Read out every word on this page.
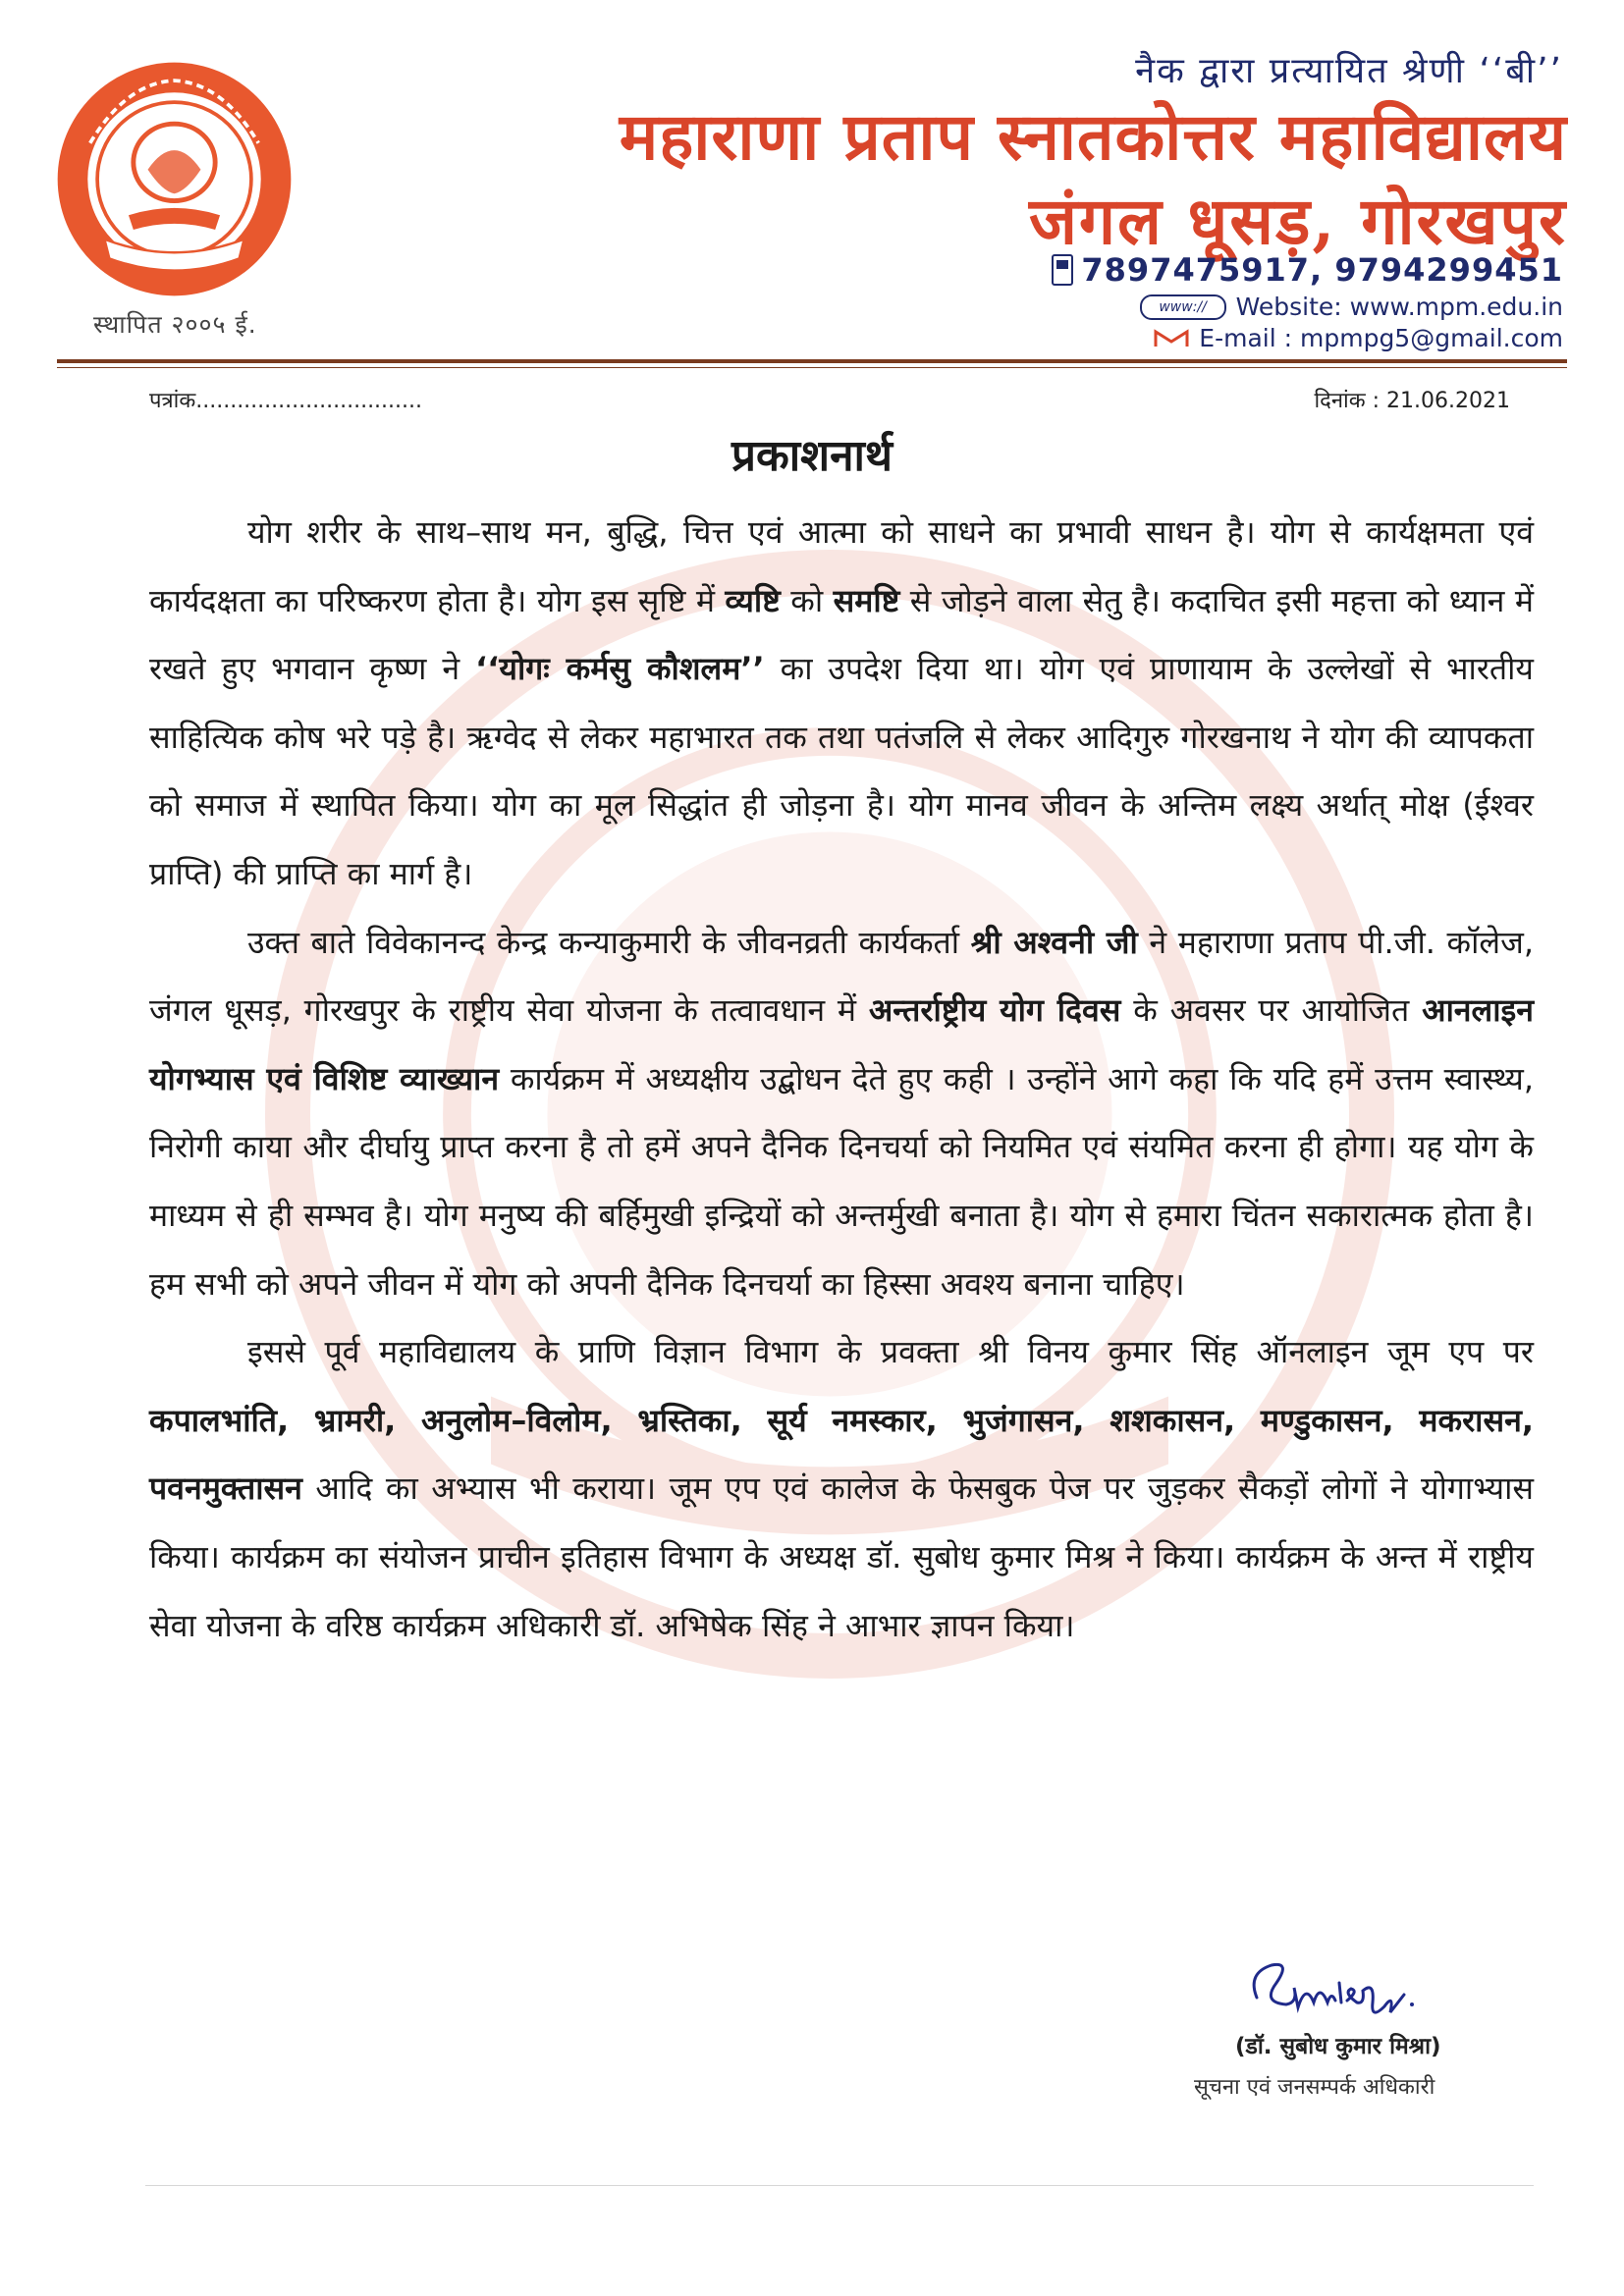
स्थापित २००५ ई.
नैक द्वारा प्रत्यायित श्रेणी ‘‘बी’’
महाराणा प्रताप स्नातकोत्तर महाविद्यालय
जंगल धूसड़, गोरखपुर
7897475917, 9794299451
www://	Website: www.mpm.edu.in
E-mail : mpmpg5@gmail.com
पत्रांक.................................	दिनांक : 21.06.2021
प्रकाशनार्थ

योग शरीर के साथ–साथ मन, बुद्धि, चित्त एवं आत्मा को साधने का प्रभावी साधन है। योग से कार्यक्षमता एवं कार्यदक्षता का परिष्करण होता है। योग इस सृष्टि में व्यष्टि को समष्टि से जोड़ने वाला सेतु है। कदाचित इसी महत्ता को ध्यान में रखते हुए भगवान कृष्ण ने ‘‘योगः कर्मसु कौशलम’’ का उपदेश दिया था। योग एवं प्राणायाम के उल्लेखों से भारतीय साहित्यिक कोष भरे पड़े है। ऋग्वेद से लेकर महाभारत तक तथा पतंजलि से लेकर आदिगुरु गोरखनाथ ने योग की व्यापकता को समाज में स्थापित किया। योग का मूल सिद्धांत ही जोड़ना है। योग मानव जीवन के अन्तिम लक्ष्य अर्थात् मोक्ष (ईश्वर प्राप्ति) की प्राप्ति का मार्ग है।

उक्त बाते विवेकानन्द केन्द्र कन्याकुमारी के जीवनव्रती कार्यकर्ता श्री अश्वनी जी ने महाराणा प्रताप पी.जी. कॉलेज, जंगल धूसड़, गोरखपुर के राष्ट्रीय सेवा योजना के तत्वावधान में अन्तर्राष्ट्रीय योग दिवस के अवसर पर आयोजित आनलाइन योगभ्यास एवं विशिष्ट व्याख्यान कार्यक्रम में अध्यक्षीय उद्बोधन देते हुए कही । उन्होंने आगे कहा कि यदि हमें उत्तम स्वास्थ्य, निरोगी काया और दीर्घायु प्राप्त करना है तो हमें अपने दैनिक दिनचर्या को नियमित एवं संयमित करना ही होगा। यह योग के माध्यम से ही सम्भव है। योग मनुष्य की बर्हिमुखी इन्द्रियों को अन्तर्मुखी बनाता है। योग से हमारा चिंतन सकारात्मक होता है। हम सभी को अपने जीवन में योग को अपनी दैनिक दिनचर्या का हिस्सा अवश्य बनाना चाहिए।

इससे पूर्व महाविद्यालय के प्राणि विज्ञान विभाग के प्रवक्ता श्री विनय कुमार सिंह ऑनलाइन जूम एप पर कपालभांति, भ्रामरी, अनुलोम–विलोम, भ्रस्तिका, सूर्य नमस्कार, भुजंगासन, शशकासन, मण्डुकासन, मकरासन, पवनमुक्तासन आदि का अभ्यास भी कराया। जूम एप एवं कालेज के फेसबुक पेज पर जुड़कर सैकड़ों लोगों ने योगाभ्यास किया। कार्यक्रम का संयोजन प्राचीन इतिहास विभाग के अध्यक्ष डॉ. सुबोध कुमार मिश्र ने किया। कार्यक्रम के अन्त में राष्ट्रीय सेवा योजना के वरिष्ठ कार्यक्रम अधिकारी डॉ. अभिषेक सिंह ने आभार ज्ञापन किया।

(डॉ. सुबोध कुमार मिश्रा)
सूचना एवं जनसम्पर्क अधिकारी
